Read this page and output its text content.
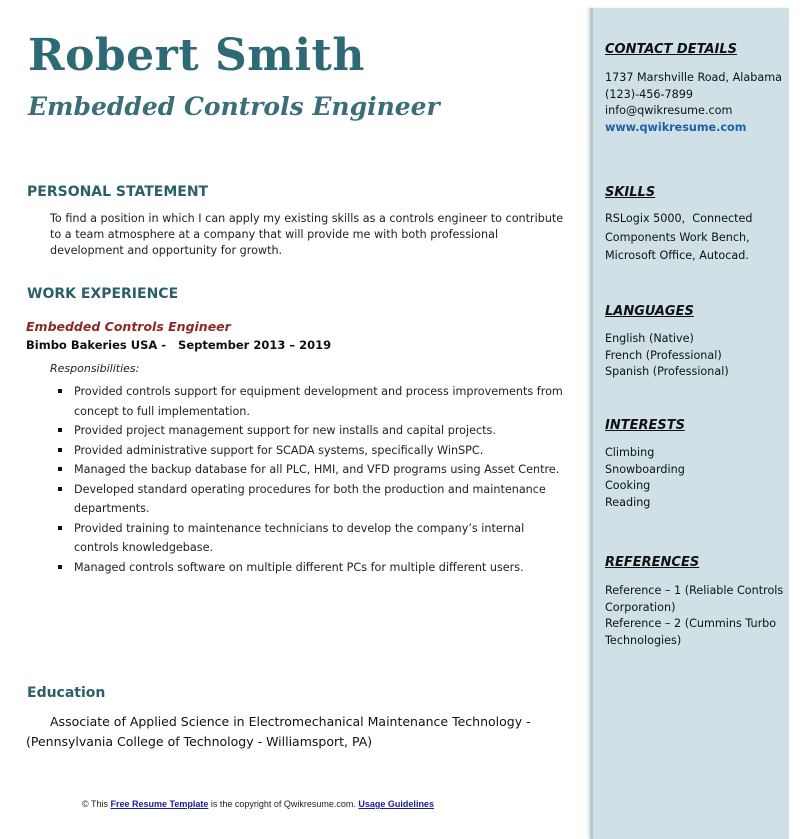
Robert Smith
Embedded Controls Engineer
PERSONAL STATEMENT

To find a position in which I can apply my existing skills as a controls engineer to contribute to a team atmosphere at a company that will provide me with both professional development and opportunity for growth.

WORK EXPERIENCE

Embedded Controls Engineer

Bimbo Bakeries USA -   September 2013 – 2019

Responsibilities:

Provided controls support for equipment development and process improvements from concept to full implementation.
Provided project management support for new installs and capital projects.
Provided administrative support for SCADA systems, specifically WinSPC.
Managed the backup database for all PLC, HMI, and VFD programs using Asset Centre.
Developed standard operating procedures for both the production and maintenance departments.
Provided training to maintenance technicians to develop the company’s internal controls knowledgebase.
Managed controls software on multiple different PCs for multiple different users.
Education

Associate of Applied Science in Electromechanical Maintenance Technology - (Pennsylvania College of Technology - Williamsport, PA)

© This Free Resume Template is the copyright of Qwikresume.com. Usage Guidelines

CONTACT DETAILS
1737 Marshville Road, Alabama
(123)-456-7899
info@qwikresume.com
www.qwikresume.com
SKILLS
RSLogix 5000,  Connected
Components Work Bench,
Microsoft Office, Autocad.
LANGUAGES
English (Native)
French (Professional)
Spanish (Professional)
INTERESTS
Climbing
Snowboarding
Cooking
Reading
REFERENCES
Reference – 1 (Reliable Controls
Corporation)
Reference – 2 (Cummins Turbo
Technologies)
